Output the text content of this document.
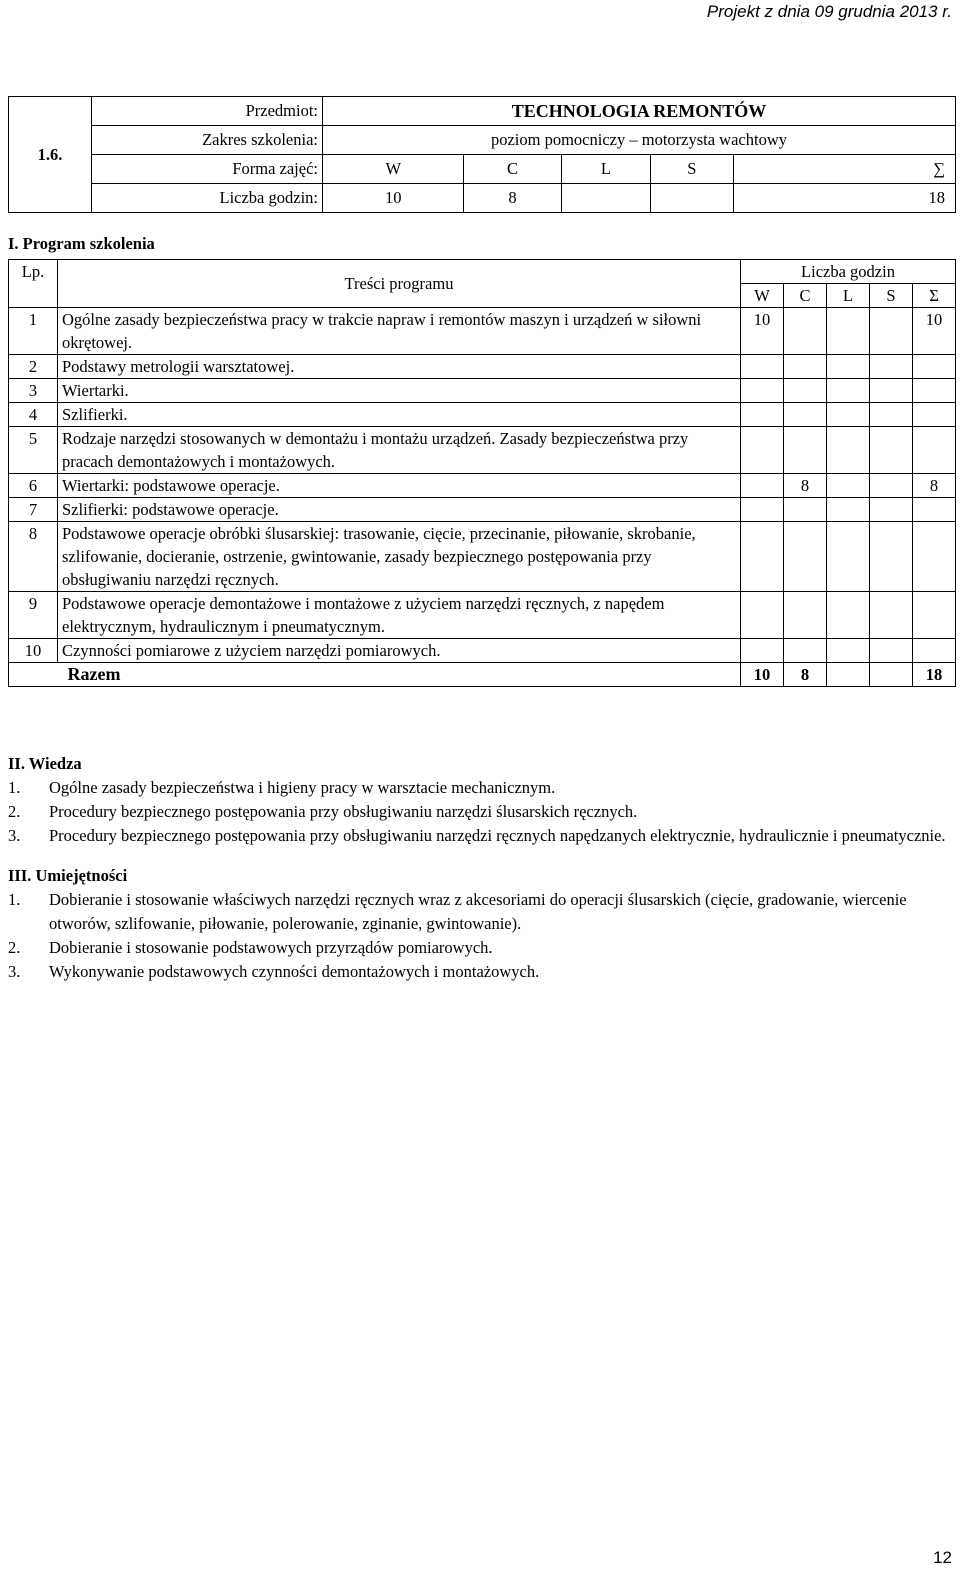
Projekt z dnia 09 grudnia 2013 r.
1.6.	Przedmiot:	TECHNOLOGIA REMONTÓW				
	Zakres szkolenia:	poziom pomocniczy – motorzysta wachtowy				
	Forma zajęć:	W	C	L	S	∑
	Liczba godzin:	10	8			18
I. Program szkolenia
Lp.	Treści programu	Liczba godzin				
		W	C	L	S	Σ
1	Ogólne zasady bezpieczeństwa pracy w trakcie napraw i remontów maszyn i urządzeń w siłowni okrętowej.	10				10
2	Podstawy metrologii warsztatowej.					
3	Wiertarki.					
4	Szlifierki.					
5	Rodzaje narzędzi stosowanych w demontażu i montażu urządzeń. Zasady bezpieczeństwa przy pracach demontażowych i montażowych.					
6	Wiertarki: podstawowe operacje.		8			8
7	Szlifierki: podstawowe operacje.					
8	Podstawowe operacje obróbki ślusarskiej: trasowanie, cięcie, przecinanie, piłowanie, skrobanie, szlifowanie, docieranie, ostrzenie, gwintowanie, zasady bezpiecznego postępowania przy obsługiwaniu narzędzi ręcznych.					
9	Podstawowe operacje demontażowe i montażowe z użyciem narzędzi ręcznych, z napędem elektrycznym, hydraulicznym i pneumatycznym.					
10	Czynności pomiarowe z użyciem narzędzi pomiarowych.					
	Razem	10	8			18
II. Wiedza
1.	Ogólne zasady bezpieczeństwa i higieny pracy w warsztacie mechanicznym.
2.	Procedury bezpiecznego postępowania przy obsługiwaniu narzędzi ślusarskich ręcznych.
3.	Procedury bezpiecznego postępowania przy obsługiwaniu narzędzi ręcznych napędzanych elektrycznie, hydraulicznie i pneumatycznie.
III. Umiejętności
1.	Dobieranie i stosowanie właściwych narzędzi ręcznych wraz z akcesoriami do operacji ślusarskich (cięcie, gradowanie, wiercenie otworów, szlifowanie, piłowanie, polerowanie, zginanie, gwintowanie).
2.	Dobieranie i stosowanie podstawowych przyrządów pomiarowych.
3.	Wykonywanie podstawowych czynności demontażowych i montażowych.
12
